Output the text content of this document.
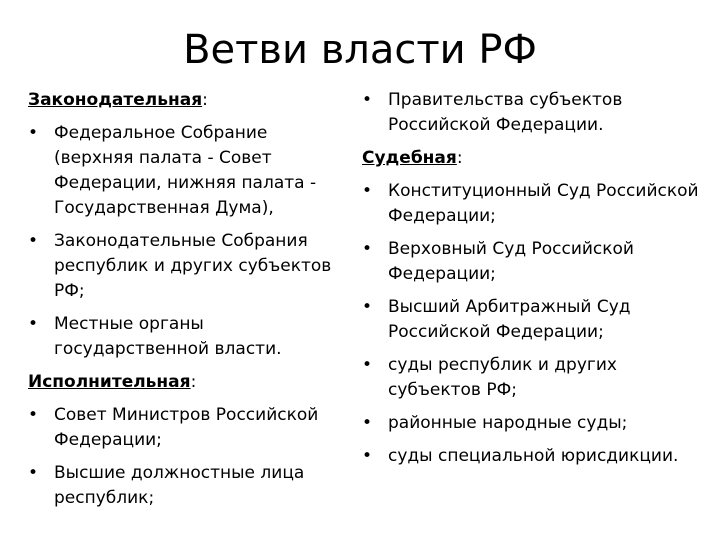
Ветви власти РФ
Законодательная:
• Федеральное Собрание (верхняя палата - Совет Федерации, нижняя палата - Государственная Дума),
• Законодательные Собрания республик и других субъектов РФ;
• Местные органы государственной власти.
Исполнительная:
• Совет Министров Российской Федерации;
• Высшие должностные лица республик;
• Правительства субъектов Российской Федерации.
Судебная:
• Конституционный Суд Российской Федерации;
• Верховный Суд Российской Федерации;
• Высший Арбитражный Суд Российской Федерации;
• суды республик и других субъектов РФ;
• районные народные суды;
• суды специальной юрисдикции.
